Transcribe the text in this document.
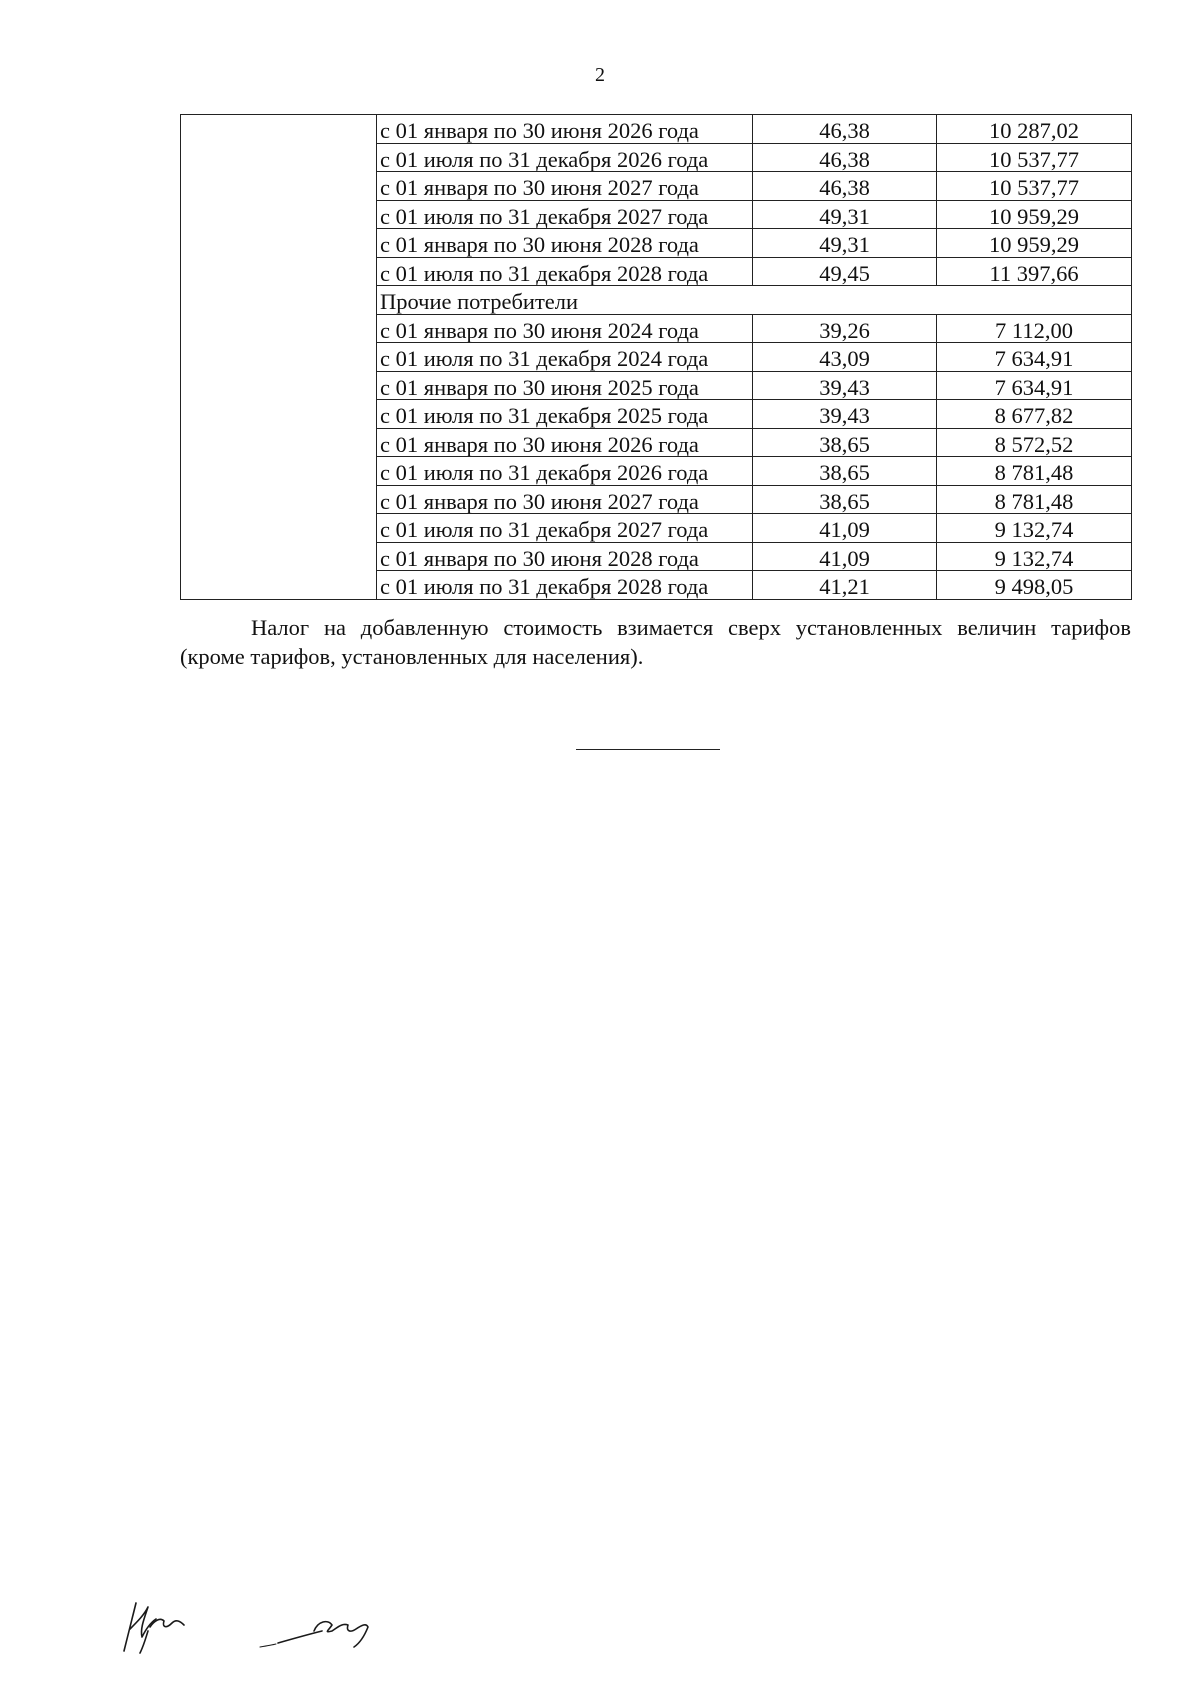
2
	с 01 января по 30 июня 2026 года	46,38	10 287,02
	с 01 июля по 31 декабря 2026 года	46,38	10 537,77
	с 01 января по 30 июня 2027 года	46,38	10 537,77
	с 01 июля по 31 декабря 2027 года	49,31	10 959,29
	с 01 января по 30 июня 2028 года	49,31	10 959,29
	с 01 июля по 31 декабря 2028 года	49,45	11 397,66
	Прочие потребители		
	с 01 января по 30 июня 2024 года	39,26	7 112,00
	с 01 июля по 31 декабря 2024 года	43,09	7 634,91
	с 01 января по 30 июня 2025 года	39,43	7 634,91
	с 01 июля по 31 декабря 2025 года	39,43	8 677,82
	с 01 января по 30 июня 2026 года	38,65	8 572,52
	с 01 июля по 31 декабря 2026 года	38,65	8 781,48
	с 01 января по 30 июня 2027 года	38,65	8 781,48
	с 01 июля по 31 декабря 2027 года	41,09	9 132,74
	с 01 января по 30 июня 2028 года	41,09	9 132,74
	с 01 июля по 31 декабря 2028 года	41,21	9 498,05
Налог на добавленную стоимость взимается сверх установленных величин тарифов
(кроме тарифов, установленных для населения).
